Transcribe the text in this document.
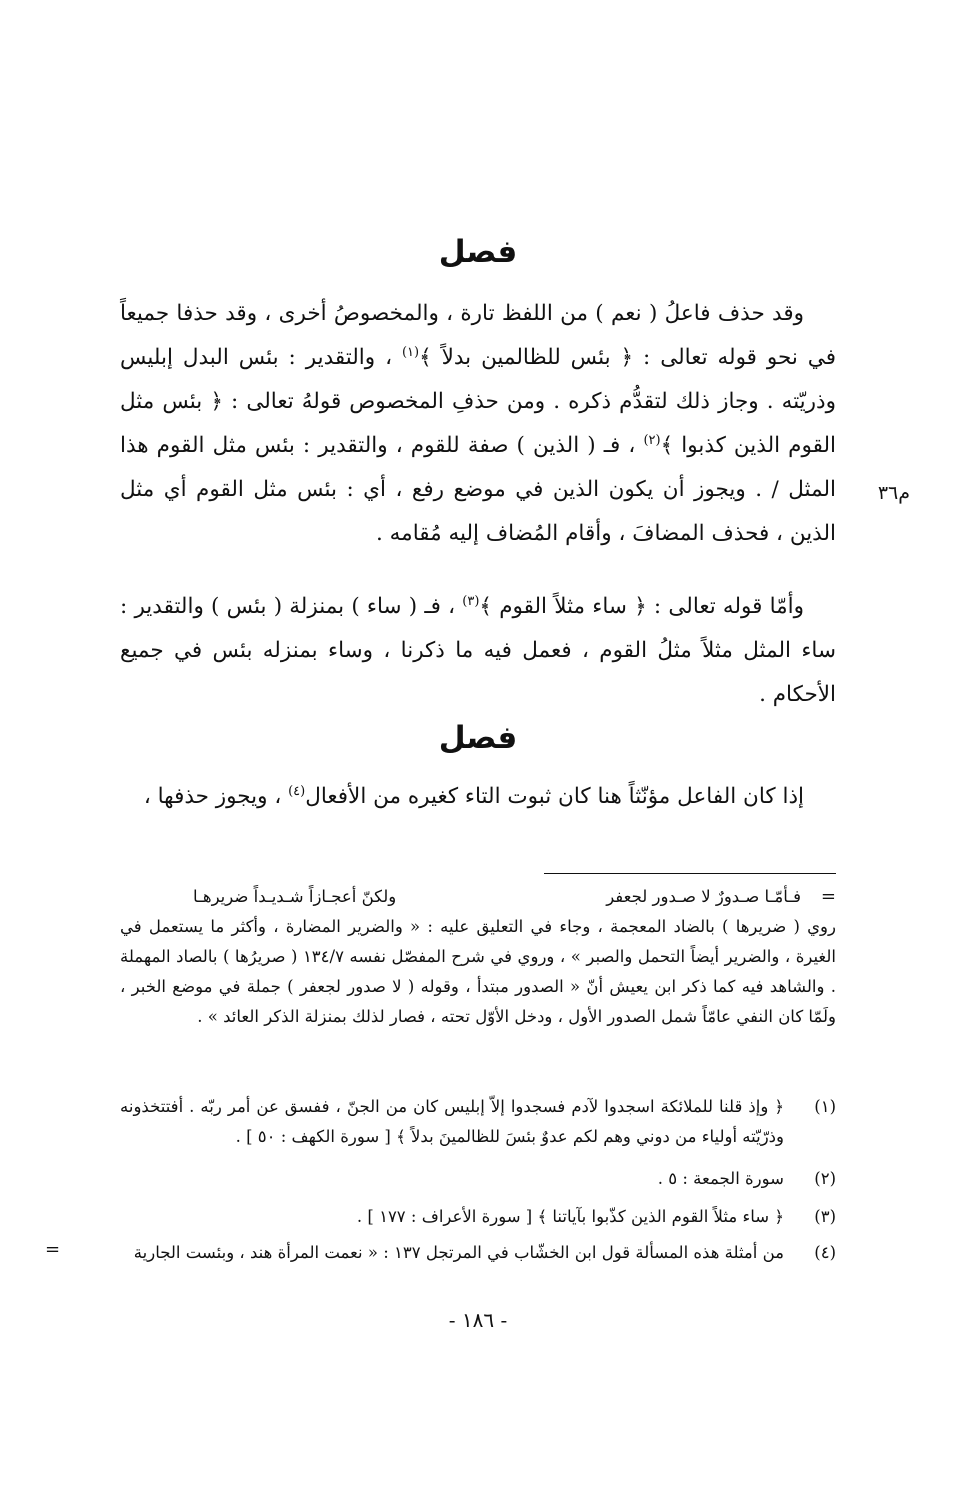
فصل

وقد حذف فاعلُ ( نعم ) من اللفظ تارة ، والمخصوصُ أخرى ، وقد حذفا جميعاً في نحو قوله تعالى : ﴿ بئس للظالمين بدلاً ﴾$^{(١)}$ ، والتقدير : بئس البدل إبليس وذريّته . وجاز ذلك لتقدُّم ذكره . ومن حذفِ المخصوص قولهُ تعالى : ﴿ بئس مثل القوم الذين كذبوا ﴾$^{(٢)}$ ، فـ ( الذين ) صفة للقوم ، والتقدير : بئس مثل القوم هذا المثل / . ويجوز أن يكون الذين في موضع رفع ، أي : بئس مثل القوم أي مثل الذين ، فحذف المضافَ ، وأقام المُضاف إليه مُقامه .

م٣٦

وأمّا قوله تعالى : ﴿ ساء مثلاً القوم ﴾$^{(٣)}$ ، فـ ( ساء ) بمنزلة ( بئس ) والتقدير : ساء المثل مثلاً مثلُ القوم ، فعمل فيه ما ذكرنا ، وساء بمنزله بئس في جميع الأحكام .

فصل

إذا كان الفاعل مؤنّثاً هنا كان ثبوت التاء كغيره من الأفعال$^{(٤)}$ ، ويجوز حذفها ،

=
فـأمّـا صـدورٌ لا صـدور لجعفر
ولكنّ أعجـازاً شـديـداً ضريرهـا
روي ( ضريرها ) بالضاد المعجمة ، وجاء في التعليق عليه : « والضرير المضارة ، وأكثر ما يستعمل في الغيرة ، والضرير أيضاً التحمل والصبر » ، وروي في شرح المفصّل نفسه ١٣٤/٧ ( صريرُها ) بالصاد المهملة . والشاهد فيه كما ذكر ابن يعيش أنّ « الصدور مبتدأ ، وقوله ( لا صدور لجعفر ) جملة في موضع الخبر ، ولَمّا كان النفي عامّاً شمل الصدور الأول ، ودخل الأوّل تحته ، فصار لذلك بمنزلة الذكر العائد » .
(١)
﴿ وإذ قلنا للملائكة اسجدوا لآدم فسجدوا إلاّ إبليس كان من الجنّ ، ففسق عن أمر ربّه . أفتتخذونه وذرّيّته أولياء من دوني وهم لكم عدوٌ بئسَ للظالمينَ بدلاً ﴾ [ سورة الكهف : ٥٠ ] .
(٢)
سورة الجمعة : ٥ .
(٣)
﴿ ساء مثلاً القوم الذين كذّبوا بآياتنا ﴾ [ سورة الأعراف : ١٧٧ ] .
(٤)
من أمثلة هذه المسألة قول ابن الخشّاب في المرتجل ١٣٧ : « نعمت المرأة هند ، وبئست الجارية
=
- ١٨٦ -
